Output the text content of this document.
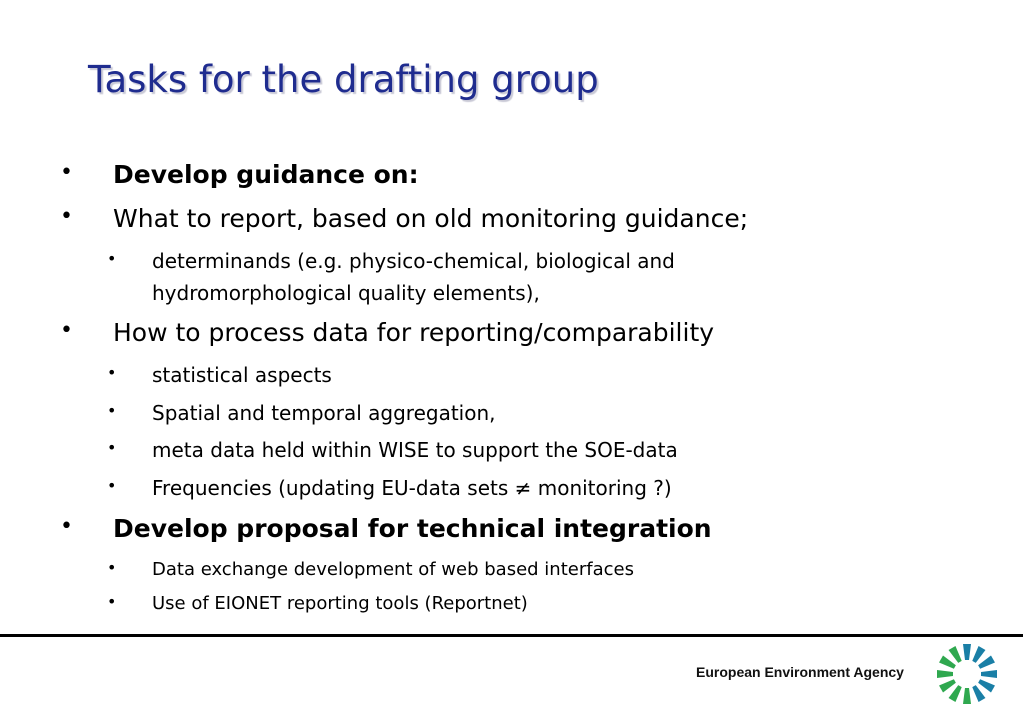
Tasks for the drafting group
• Develop guidance on:
• What to report, based on old monitoring guidance;
• determinands (e.g. physico-chemical, biological and
hydromorphological quality elements),
• How to process data for reporting/comparability
• statistical aspects
• Spatial and temporal aggregation,
• meta data held within WISE to support the SOE-data
• Frequencies (updating EU-data sets ≠ monitoring ?)
• Develop proposal for technical integration
• Data exchange development of web based interfaces
• Use of EIONET reporting tools (Reportnet)
European Environment Agency
